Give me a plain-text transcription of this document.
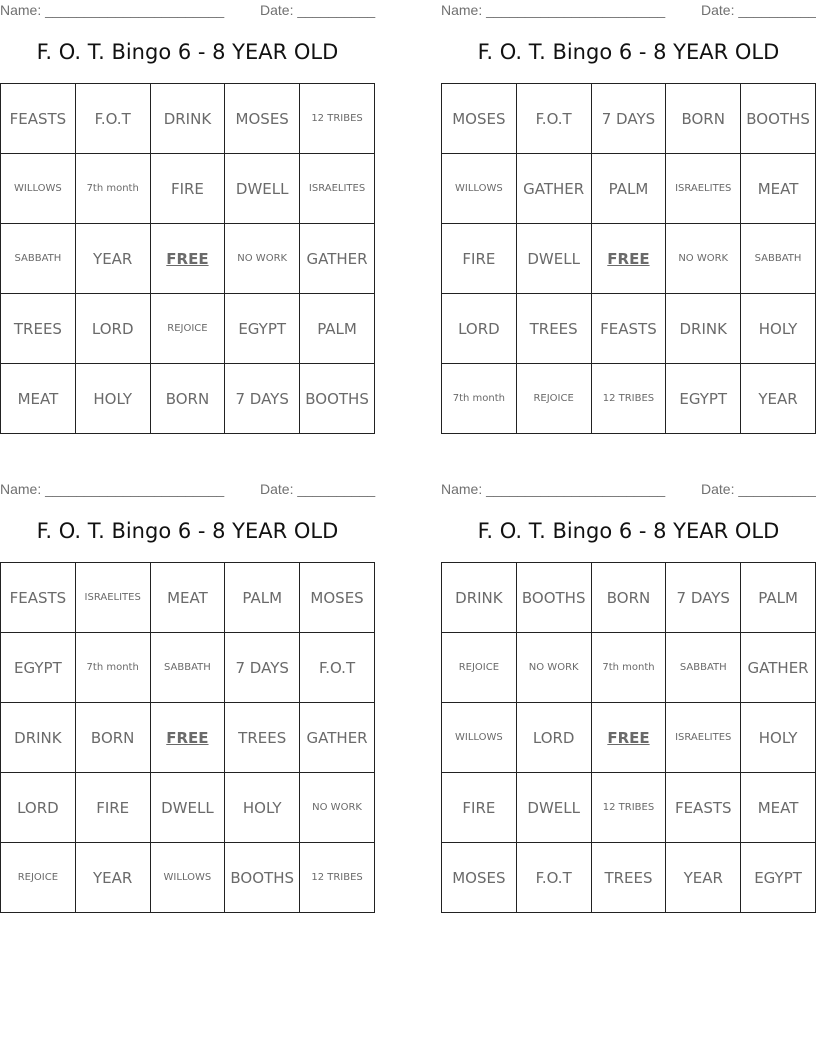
Name: _______________________	Date: __________
F. O. T. Bingo 6 - 8 YEAR OLD
FEASTS	F.O.T	DRINK	MOSES	12 TRIBES
WILLOWS	7th month	FIRE	DWELL	ISRAELITES
SABBATH	YEAR	FREE	NO WORK	GATHER
TREES	LORD	REJOICE	EGYPT	PALM
MEAT	HOLY	BORN	7 DAYS	BOOTHS
Name: _______________________	Date: __________
F. O. T. Bingo 6 - 8 YEAR OLD
MOSES	F.O.T	7 DAYS	BORN	BOOTHS
WILLOWS	GATHER	PALM	ISRAELITES	MEAT
FIRE	DWELL	FREE	NO WORK	SABBATH
LORD	TREES	FEASTS	DRINK	HOLY
7th month	REJOICE	12 TRIBES	EGYPT	YEAR
Name: _______________________	Date: __________
F. O. T. Bingo 6 - 8 YEAR OLD
FEASTS	ISRAELITES	MEAT	PALM	MOSES
EGYPT	7th month	SABBATH	7 DAYS	F.O.T
DRINK	BORN	FREE	TREES	GATHER
LORD	FIRE	DWELL	HOLY	NO WORK
REJOICE	YEAR	WILLOWS	BOOTHS	12 TRIBES
Name: _______________________	Date: __________
F. O. T. Bingo 6 - 8 YEAR OLD
DRINK	BOOTHS	BORN	7 DAYS	PALM
REJOICE	NO WORK	7th month	SABBATH	GATHER
WILLOWS	LORD	FREE	ISRAELITES	HOLY
FIRE	DWELL	12 TRIBES	FEASTS	MEAT
MOSES	F.O.T	TREES	YEAR	EGYPT
